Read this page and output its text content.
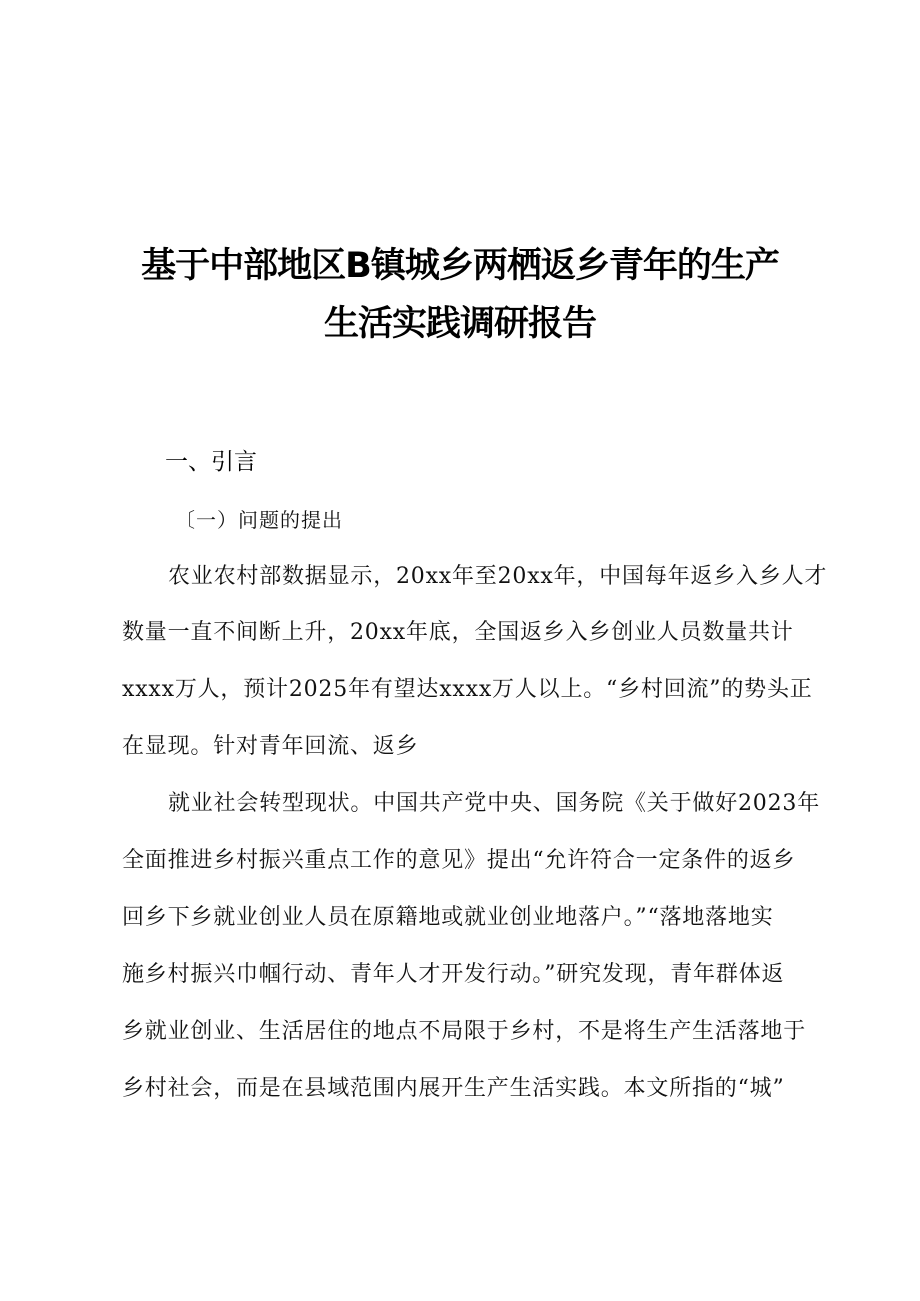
基于中部地区B镇城乡两栖返乡青年的生产
生活实践调研报告
一、引言
〔一）问题的提出
农业农村部数据显示，20xx年至20xx年，中国每年返乡入乡人才
数量一直不间断上升，20xx年底，全国返乡入乡创业人员数量共计
xxxx万人，预计2025年有望达xxxx万人以上。“乡村回流”的势头正
在显现。针对青年回流、返乡
就业社会转型现状。中国共产党中央、国务院《关于做好2023年
全面推进乡村振兴重点工作的意见》提出“允许符合一定条件的返乡
回乡下乡就业创业人员在原籍地或就业创业地落户。”“落地落地实
施乡村振兴巾帼行动、青年人才开发行动。”研究发现，青年群体返
乡就业创业、生活居住的地点不局限于乡村，不是将生产生活落地于
乡村社会，而是在县域范围内展开生产生活实践。本文所指的“城”
